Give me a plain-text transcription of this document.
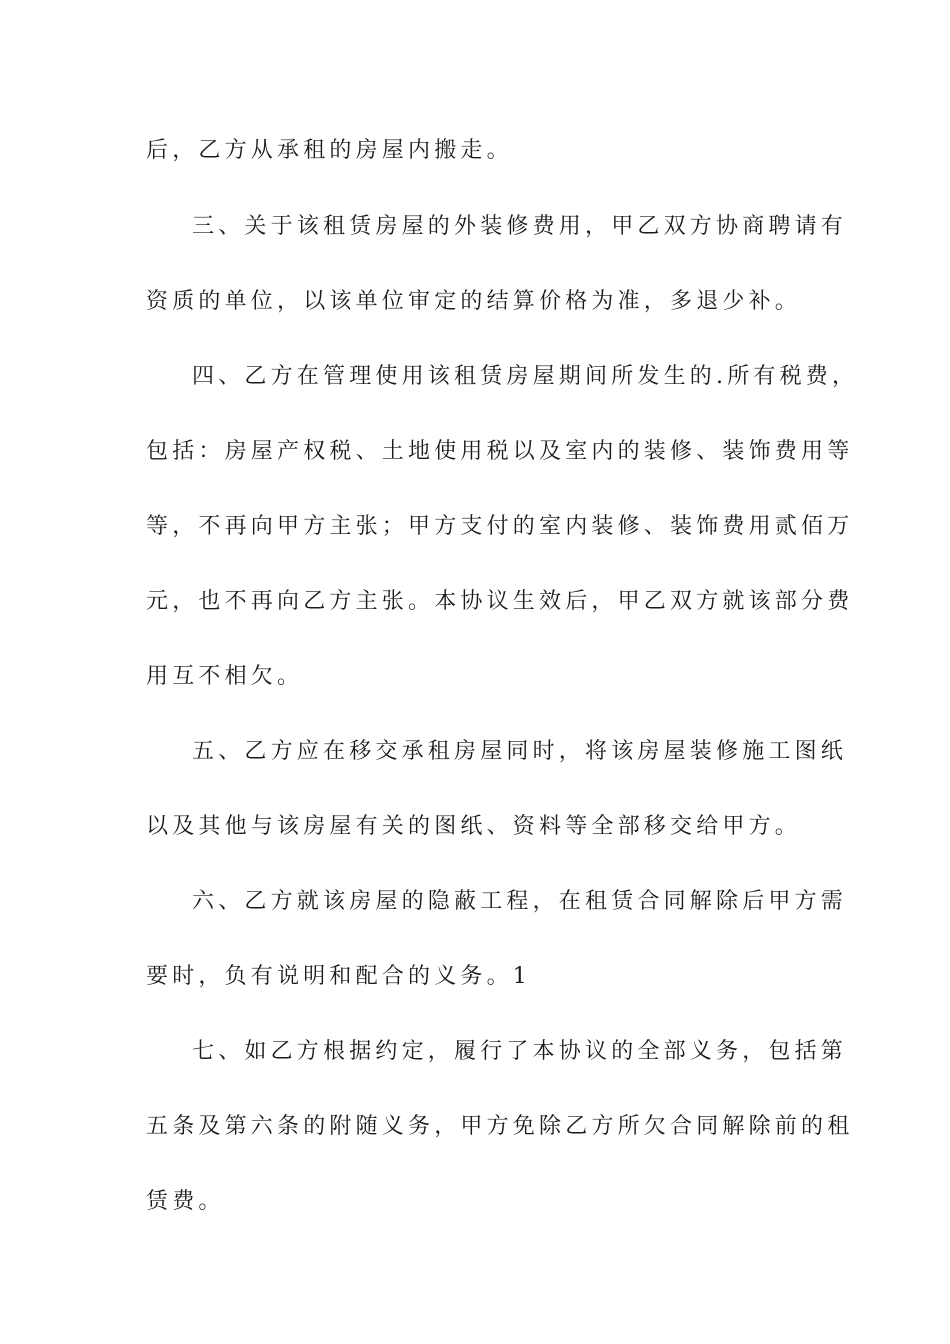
后，乙方从承租的房屋内搬走。
三、关于该租赁房屋的外装修费用，甲乙双方协商聘请有
资质的单位，以该单位审定的结算价格为准，多退少补。
四、乙方在管理使用该租赁房屋期间所发生的.所有税费，
包括：房屋产权税、土地使用税以及室内的装修、装饰费用等
等，不再向甲方主张；甲方支付的室内装修、装饰费用贰佰万
元，也不再向乙方主张。本协议生效后，甲乙双方就该部分费
用互不相欠。
五、乙方应在移交承租房屋同时，将该房屋装修施工图纸
以及其他与该房屋有关的图纸、资料等全部移交给甲方。
六、乙方就该房屋的隐蔽工程，在租赁合同解除后甲方需
要时，负有说明和配合的义务。1
七、如乙方根据约定，履行了本协议的全部义务，包括第
五条及第六条的附随义务，甲方免除乙方所欠合同解除前的租
赁费。
